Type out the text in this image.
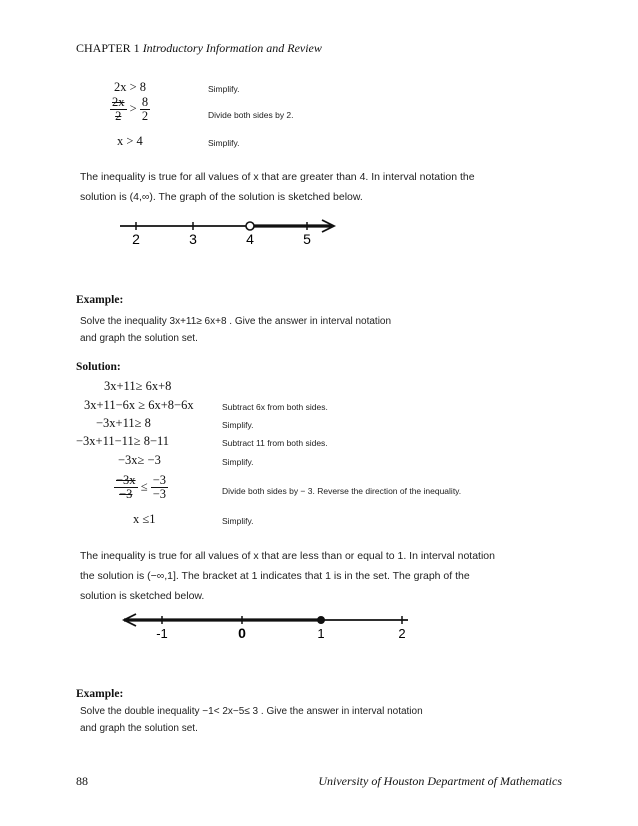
CHAPTER 1 Introductory Information and Review
2x > 8	Simplify.
$\frac{2x}{2} > \frac{8}{2}$	Divide both sides by 2.
x > 4	Simplify.
The inequality is true for all values of x that are greater than 4. In interval notation the
solution is (4,∞). The graph of the solution is sketched below.
2	3	4	5
Example:
Solve the inequality 3x+11≥ 6x+8 . Give the answer in interval notation
and graph the solution set.
Solution:
3x+11≥ 6x+8
3x+11−6x ≥ 6x+8−6x	Subtract 6x from both sides.
−3x+11≥ 8	Simplify.
−3x+11−11≥ 8−11	Subtract 11 from both sides.
−3x≥ −3	Simplify.
$\frac{-3x}{-3} \le \frac{-3}{-3}$	Divide both sides by − 3. Reverse the direction of the inequality.
x ≤1	Simplify.
The inequality is true for all values of x that are less than or equal to 1. In interval notation
the solution is (−∞,1]. The bracket at 1 indicates that 1 is in the set. The graph of the
solution is sketched below.
-1	0	1	2
Example:
Solve the double inequality −1< 2x−5≤ 3 . Give the answer in interval notation
and graph the solution set.
88	University of Houston Department of Mathematics
